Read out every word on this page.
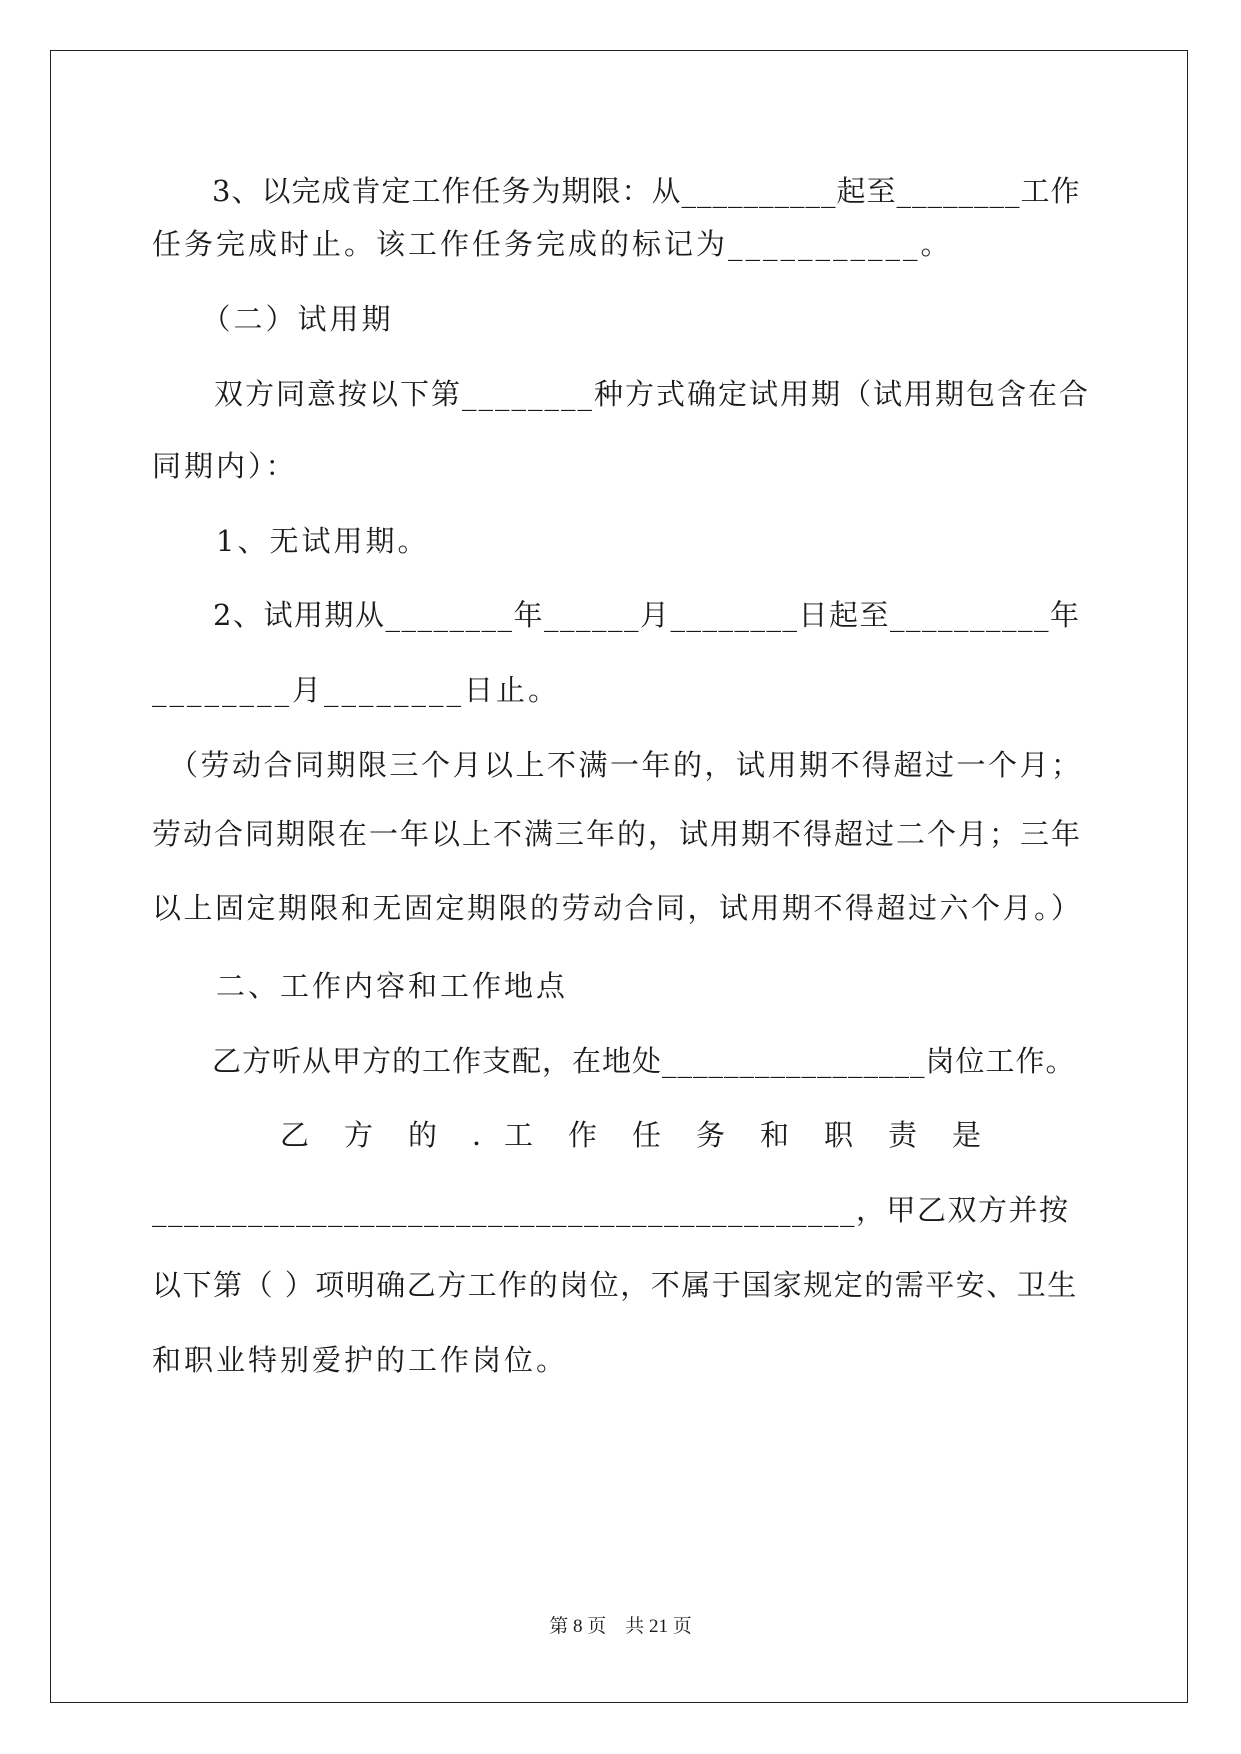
　　3、以完成肯定工作任务为期限：从__________起至________工作
任务完成时止。该工作任务完成的标记为___________。
　　（二）试用期
　　双方同意按以下第________种方式确定试用期（试用期包含在合
同期内）：
　　1、无试用期。
　　2、试用期从________年______月________日起至__________年
________月________日止。
　（劳动合同期限三个月以上不满一年的，试用期不得超过一个月；
劳动合同期限在一年以上不满三年的，试用期不得超过二个月；三年
以上固定期限和无固定期限的劳动合同，试用期不得超过六个月。）
　　二、工作内容和工作地点
　　乙方听从甲方的工作支配，在地处_________________岗位工作。
　　　　乙　方　的　．工　作　任　务　和　职　责　是
____________________________________________，甲乙双方并按
以下第（ ）项明确乙方工作的岗位，不属于国家规定的需平安、卫生
和职业特别爱护的工作岗位。
第 8 页　共 21 页
